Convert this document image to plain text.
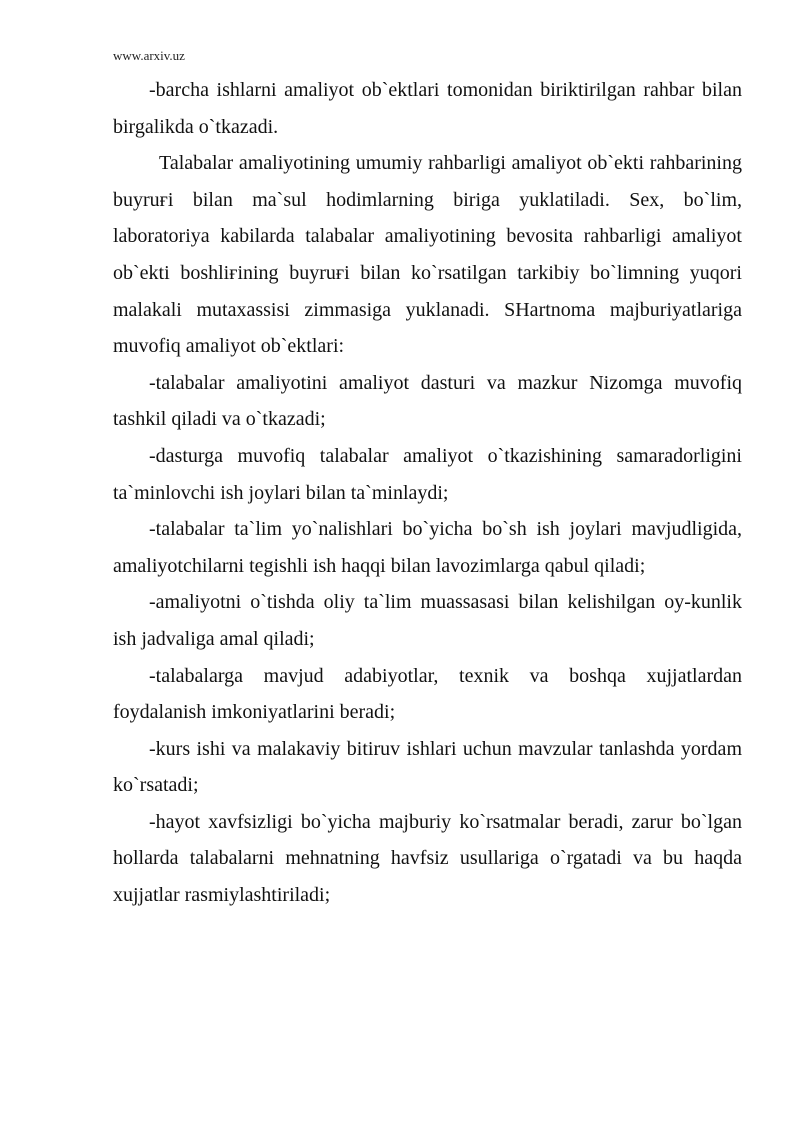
www.arxiv.uz

-barcha ishlarni amaliyot ob`ektlari tomonidan biriktirilgan rahbar bilan birgalikda o`tkazadi.

Talabalar amaliyotining umumiy rahbarligi amaliyot ob`ekti rahbarining buyruғi bilan ma`sul hodimlarning biriga yuklatiladi. Sex, bo`lim, laboratoriya kabilarda talabalar amaliyotining bevosita rahbarligi amaliyot ob`ekti boshliғining buyruғi bilan ko`rsatilgan tarkibiy bo`limning yuqori malakali mutaxassisi zimmasiga yuklanadi. SHartnoma majburiyatlariga muvofiq amaliyot ob`ektlari:

-talabalar amaliyotini amaliyot dasturi va mazkur Nizomga muvofiq tashkil qiladi va o`tkazadi;

-dasturga muvofiq talabalar amaliyot o`tkazishining samaradorligini ta`minlovchi ish joylari bilan ta`minlaydi;

-talabalar ta`lim yo`nalishlari bo`yicha bo`sh ish joylari mavjudligida, amaliyotchilarni tegishli ish haqqi bilan lavozimlarga qabul qiladi;

-amaliyotni o`tishda oliy ta`lim muassasasi bilan kelishilgan oy-kunlik ish jadvaliga amal qiladi;

-talabalarga mavjud adabiyotlar, texnik va boshqa xujjatlardan foydalanish imkoniyatlarini beradi;

-kurs ishi va malakaviy bitiruv ishlari uchun mavzular tanlashda yordam ko`rsatadi;

-hayot xavfsizligi bo`yicha majburiy ko`rsatmalar beradi, zarur bo`lgan hollarda talabalarni mehnatning havfsiz usullariga o`rgatadi va bu haqda xujjatlar rasmiylashtiriladi;
